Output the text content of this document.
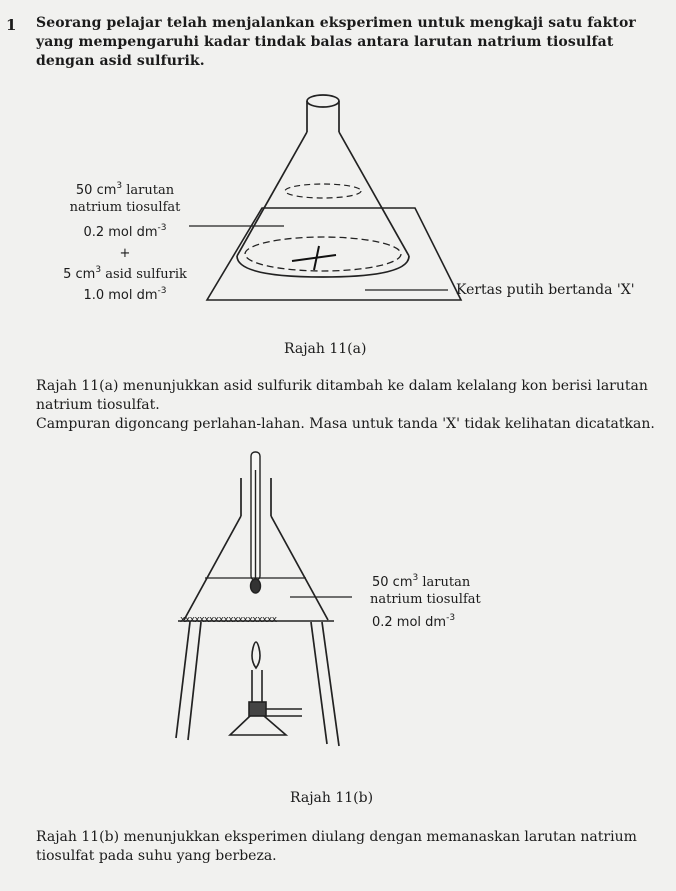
1 Seorang pelajar telah menjalankan eksperimen untuk mengkaji satu faktor yang mempengaruhi kadar tindak balas antara larutan natrium tiosulfat dengan asid sulfurik.
50 $cm^3$ larutan
natrium tiosulfat
0.2 mol $dm^{-3}$
+
5 $cm^3$ asid sulfurik
1.0 mol $dm^{-3}$	Kertas putih bertanda 'X'
Rajah 11(a)
Rajah 11(a) menunjukkan asid sulfurik ditambah ke dalam kelalang kon berisi larutan
natrium tiosulfat.
Campuran digoncang perlahan-lahan. Masa untuk tanda 'X' tidak kelihatan dicatatkan.
xxxxxxxxxxxxxxxxxxxx
50 $cm^3$ larutan
natrium tiosulfat
0.2 mol $dm^{-3}$
Rajah 11(b)
Rajah 11(b) menunjukkan eksperimen diulang dengan memanaskan larutan natrium
tiosulfat pada suhu yang berbeza.
